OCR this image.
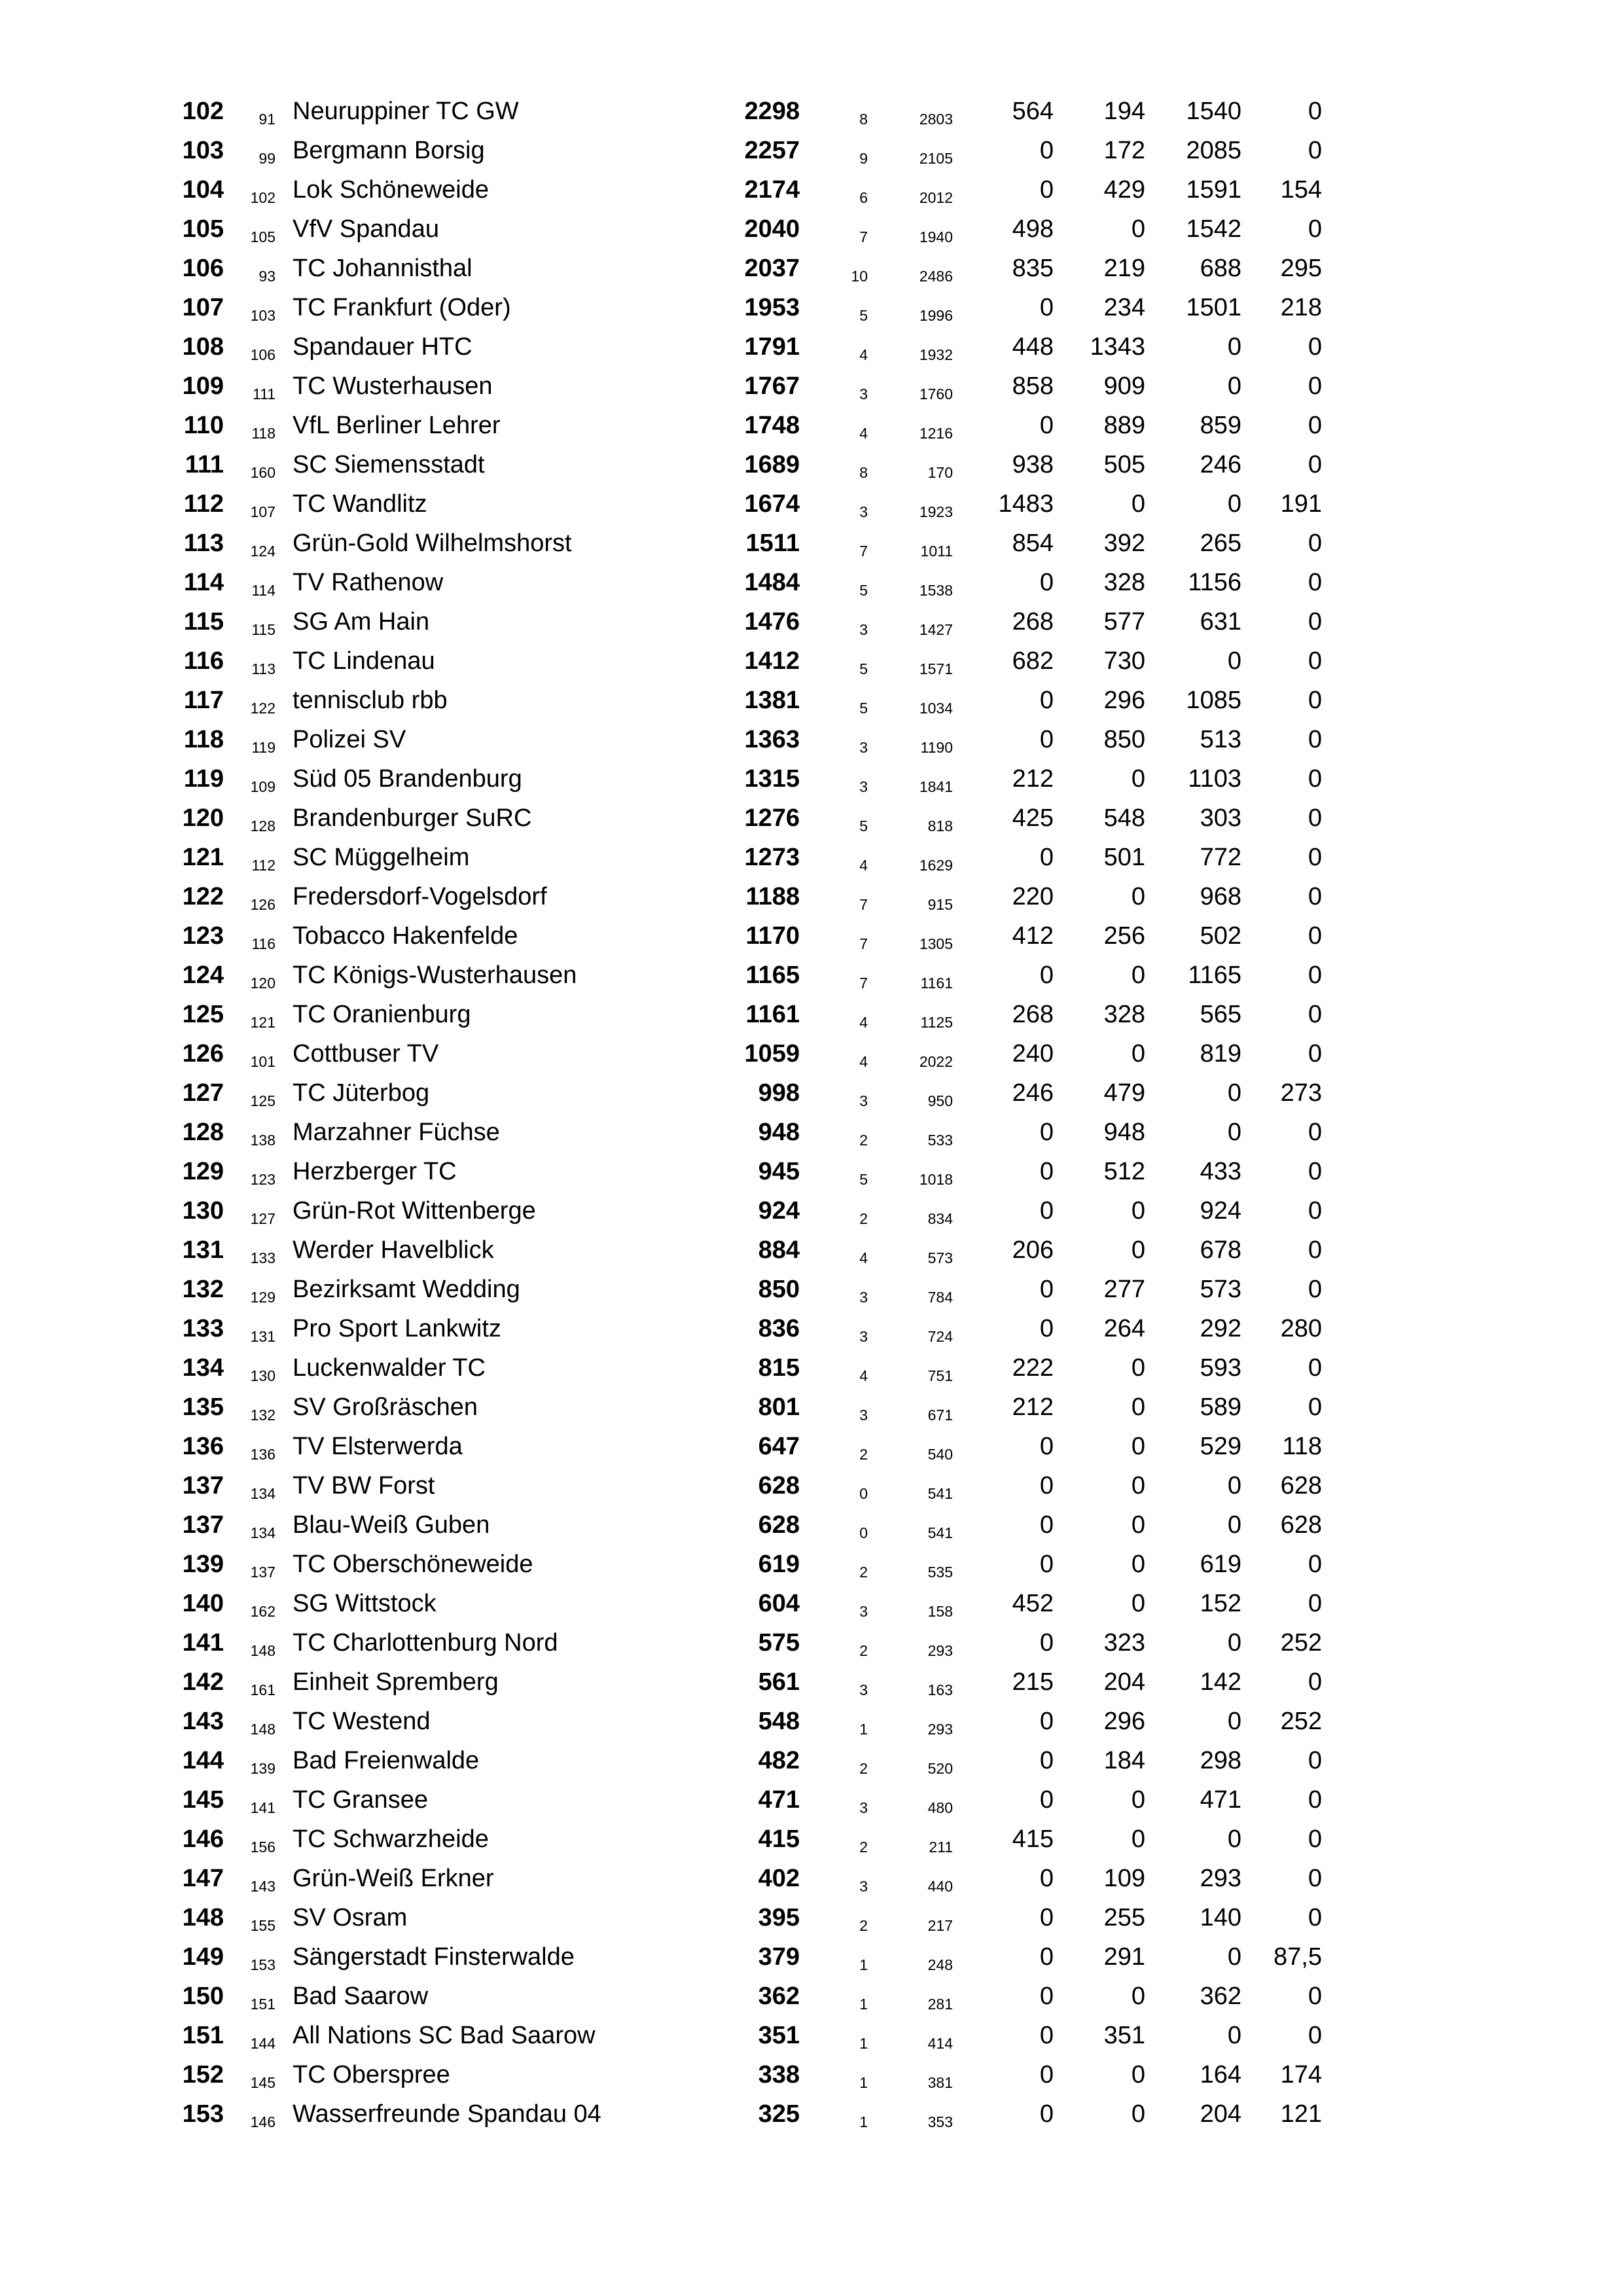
102	91 Neuruppiner TC GW	2298	8	2803	564	194	1540	0
103	99 Bergmann Borsig	2257	9	2105	0	172	2085	0
104	102 Lok Schöneweide	2174	6	2012	0	429	1591	154
105	105 VfV Spandau	2040	7	1940	498	0	1542	0
106	93 TC Johannisthal	2037	10	2486	835	219	688	295
107	103 TC Frankfurt (Oder)	1953	5	1996	0	234	1501	218
108	106 Spandauer HTC	1791	4	1932	448	1343	0	0
109	111 TC Wusterhausen	1767	3	1760	858	909	0	0
110	118 VfL Berliner Lehrer	1748	4	1216	0	889	859	0
111	160 SC Siemensstadt	1689	8	170	938	505	246	0
112	107 TC Wandlitz	1674	3	1923	1483	0	0	191
113	124 Grün-Gold Wilhelmshorst	1511	7	1011	854	392	265	0
114	114 TV Rathenow	1484	5	1538	0	328	1156	0
115	115 SG Am Hain	1476	3	1427	268	577	631	0
116	113 TC Lindenau	1412	5	1571	682	730	0	0
117	122 tennisclub rbb	1381	5	1034	0	296	1085	0
118	119 Polizei SV	1363	3	1190	0	850	513	0
119	109 Süd 05 Brandenburg	1315	3	1841	212	0	1103	0
120	128 Brandenburger SuRC	1276	5	818	425	548	303	0
121	112 SC Müggelheim	1273	4	1629	0	501	772	0
122	126 Fredersdorf-Vogelsdorf	1188	7	915	220	0	968	0
123	116 Tobacco Hakenfelde	1170	7	1305	412	256	502	0
124	120 TC Königs-Wusterhausen	1165	7	1161	0	0	1165	0
125	121 TC Oranienburg	1161	4	1125	268	328	565	0
126	101 Cottbuser TV	1059	4	2022	240	0	819	0
127	125 TC Jüterbog	998	3	950	246	479	0	273
128	138 Marzahner Füchse	948	2	533	0	948	0	0
129	123 Herzberger TC	945	5	1018	0	512	433	0
130	127 Grün-Rot Wittenberge	924	2	834	0	0	924	0
131	133 Werder Havelblick	884	4	573	206	0	678	0
132	129 Bezirksamt Wedding	850	3	784	0	277	573	0
133	131 Pro Sport Lankwitz	836	3	724	0	264	292	280
134	130 Luckenwalder TC	815	4	751	222	0	593	0
135	132 SV Großräschen	801	3	671	212	0	589	0
136	136 TV Elsterwerda	647	2	540	0	0	529	118
137	134 TV BW Forst	628	0	541	0	0	0	628
137	134 Blau-Weiß Guben	628	0	541	0	0	0	628
139	137 TC Oberschöneweide	619	2	535	0	0	619	0
140	162 SG Wittstock	604	3	158	452	0	152	0
141	148 TC Charlottenburg Nord	575	2	293	0	323	0	252
142	161 Einheit Spremberg	561	3	163	215	204	142	0
143	148 TC Westend	548	1	293	0	296	0	252
144	139 Bad Freienwalde	482	2	520	0	184	298	0
145	141 TC Gransee	471	3	480	0	0	471	0
146	156 TC Schwarzheide	415	2	211	415	0	0	0
147	143 Grün-Weiß Erkner	402	3	440	0	109	293	0
148	155 SV Osram	395	2	217	0	255	140	0
149	153 Sängerstadt Finsterwalde	379	1	248	0	291	0	87,5
150	151 Bad Saarow	362	1	281	0	0	362	0
151	144 All Nations SC Bad Saarow	351	1	414	0	351	0	0
152	145 TC Oberspree	338	1	381	0	0	164	174
153	146 Wasserfreunde Spandau 04	325	1	353	0	0	204	121
